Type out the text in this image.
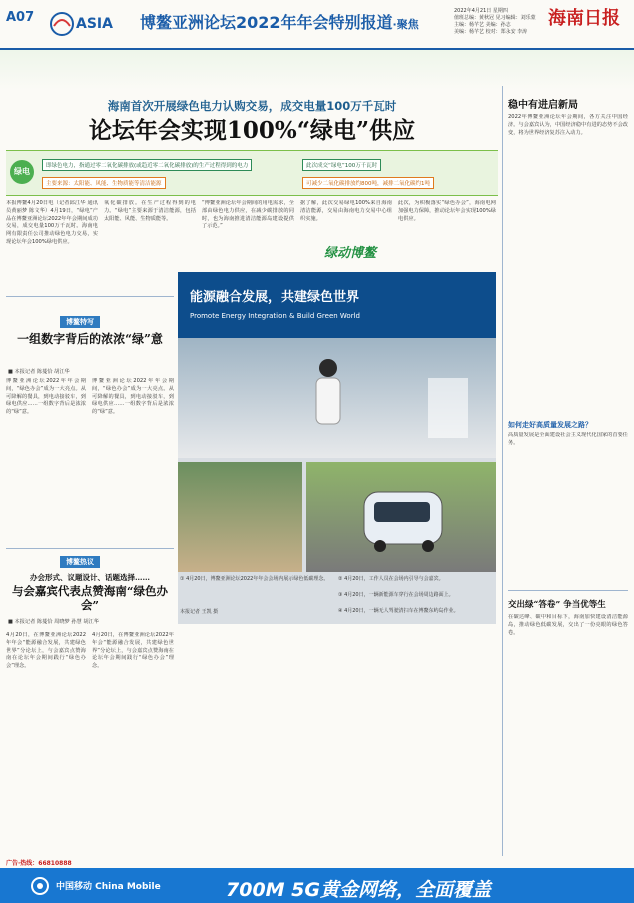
A07	ASIA 博鳌亚洲论坛2022年年会特别报道·聚焦
2022年4月21日 星期四
值班总编：黄秋冠 见习编辑：刘乐蒙
主编：杨芊艺 美编：孙志
美编：杨芊艺 校对：郑永安 李涛
海南日报
海南首次开展绿色电力认购交易，成交电量100万千瓦时
论坛年会实现100%“绿电”供应
绿电
即绿色电力，指通过零二氧化碳排放(或趋近零二氧化碳排放)的生产过程得到的电力
主要来源：太阳能、风能、生物质能等清洁能源
此次成交“绿电”100万千瓦时
可减少二氧化碳排放约800吨，减排二氧化碳约1吨
本报博鳌4月20日电（记者邱江华 通讯员黄丽梦 陈文华）4月19日，“绿电”产品在博鳌亚洲论坛2022年年会期间成功交易，成交电量100万千瓦时。海南电网有限责任公司推动绿色电力交易，实现论坛年会100%绿电供应。
氧化碳排放。在生产过程得到的电力。“绿电”主要来源于清洁能源，包括太阳能、风能、生物质能等。
“博鳌亚洲论坛年会期间的用电需求，全部由绿色电力供应，在减少碳排放的同时，也为海南推进清洁能源岛建设提供了示范。”
据了解，此次交易绿电100%来自海南清洁能源，交易由海南电力交易中心组织实施。
此次，为积极落实“绿色办会”，海南电网加强电力保障，推动论坛年会实现100%绿电供应。
博鳌特写
一组数字背后的浓浓“绿”意
■ 本报记者 陈蔓恰 胡江华
博鳌亚洲论坛2022年年会期间，“绿色办会”成为一大亮点。从可降解的餐具，到电动接驳车，到绿电供应……一组数字背后是浓浓的“绿”意。
博鳌亚洲论坛2022年年会期间，“绿色办会”成为一大亮点。从可降解的餐具，到电动接驳车，到绿电供应……一组数字背后是浓浓的“绿”意。
博鳌热议
办会形式、议题设计、话题选择……
与会嘉宾代表点赞海南“绿色办会”
■ 本报记者 陈蔓恰 周晓梦 孙慧 胡江华
4月20日，在博鳌亚洲论坛2022年年会“能源融合发展，共建绿色世界”分论坛上，与会嘉宾点赞海南在论坛年会期间践行“绿色办会”理念。
4月20日，在博鳌亚洲论坛2022年年会“能源融合发展，共建绿色世界”分论坛上，与会嘉宾点赞海南在论坛年会期间践行“绿色办会”理念。
绿动博鳌
能源融合发展，共建绿色世界
Promote Energy Integration & Build Green World
① 4月20日，博鳌亚洲论坛2022年年会会场内展示绿色低碳理念。	② 4月20日，工作人员在会场内引导与会嘉宾。
③ 4月20日，一辆新能源车穿行在会场周边路面上。
④ 4月20日，一辆无人驾驶清扫车在博鳌东屿岛作业。
本报记者 王凯 摄
稳中有进启新局
2022年博鳌亚洲论坛年会期间，各方关注中国经济。与会嘉宾认为，中国经济稳中有进的态势不会改变，将为世界经济复苏注入动力。
如何走好高质量发展之路？
高质量发展是全面建设社会主义现代化国家的首要任务。
交出绿“答卷” 争当优等生
在碳达峰、碳中和目标下，海南加快建设清洁能源岛，推动绿色低碳发展，交出了一份亮眼的绿色答卷。
广告·热线：66810888
中国移动 China Mobile	700M 5G黄金网络，全面覆盖
